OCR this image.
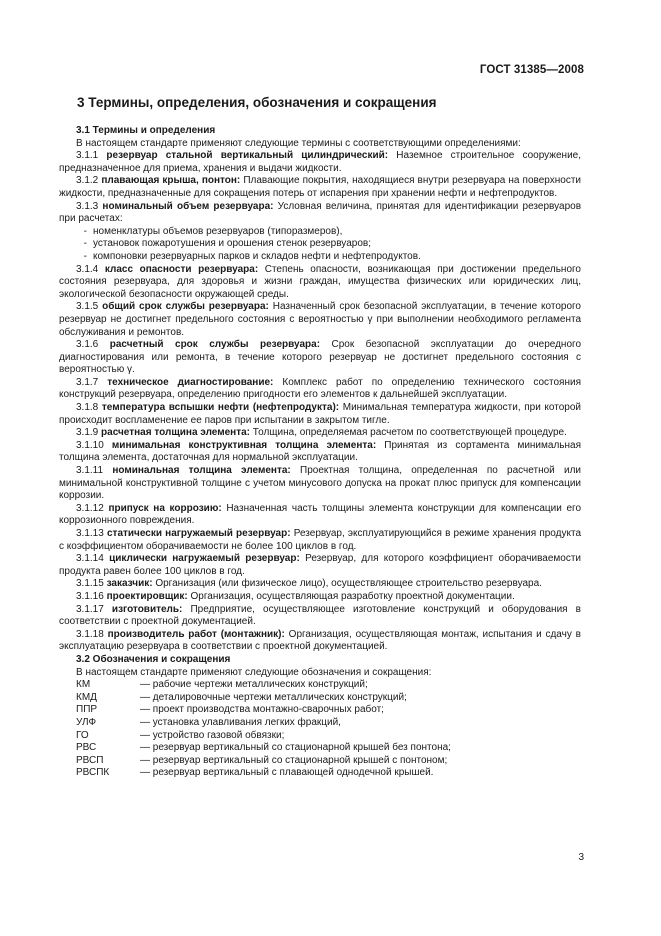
ГОСТ 31385—2008
3 Термины, определения, обозначения и сокращения

3.1 Термины и определения

В настоящем стандарте применяют следующие термины с соответствующими определениями:

3.1.1 резервуар стальной вертикальный цилиндрический: Наземное строительное сооружение, предназначенное для приема, хранения и выдачи жидкости.

3.1.2 плавающая крыша, понтон: Плавающие покрытия, находящиеся внутри резервуара на поверхности жидкости, предназначенные для сокращения потерь от испарения при хранении нефти и нефтепродуктов.

3.1.3 номинальный объем резервуара: Условная величина, принятая для идентификации резервуаров при расчетах:

- номенклатуры объемов резервуаров (типоразмеров),

- установок пожаротушения и орошения стенок резервуаров;

- компоновки резервуарных парков и складов нефти и нефтепродуктов.

3.1.4 класс опасности резервуара: Степень опасности, возникающая при достижении предельного состояния резервуара, для здоровья и жизни граждан, имущества физических или юридических лиц, экологической безопасности окружающей среды.

3.1.5 общий срок службы резервуара: Назначенный срок безопасной эксплуатации, в течение которого резервуар не достигнет предельного состояния с вероятностью γ при выполнении необходимого регламента обслуживания и ремонтов.

3.1.6 расчетный срок службы резервуара: Срок безопасной эксплуатации до очередного диагностирования или ремонта, в течение которого резервуар не достигнет предельного состояния с вероятностью γ.

3.1.7 техническое диагностирование: Комплекс работ по определению технического состояния конструкций резервуара, определению пригодности его элементов к дальнейшей эксплуатации.

3.1.8 температура вспышки нефти (нефтепродукта): Минимальная температура жидкости, при которой происходит воспламенение ее паров при испытании в закрытом тигле.

3.1.9 расчетная толщина элемента: Толщина, определяемая расчетом по соответствующей процедуре.

3.1.10 минимальная конструктивная толщина элемента: Принятая из сортамента минимальная толщина элемента, достаточная для нормальной эксплуатации.

3.1.11 номинальная толщина элемента: Проектная толщина, определенная по расчетной или минимальной конструктивной толщине с учетом минусового допуска на прокат плюс припуск для компенсации коррозии.

3.1.12 припуск на коррозию: Назначенная часть толщины элемента конструкции для компенсации его коррозионного повреждения.

3.1.13 статически нагружаемый резервуар: Резервуар, эксплуатирующийся в режиме хранения продукта с коэффициентом оборачиваемости не более 100 циклов в год.

3.1.14 циклически нагружаемый резервуар: Резервуар, для которого коэффициент оборачиваемости продукта равен более 100 циклов в год.

3.1.15 заказчик: Организация (или физическое лицо), осуществляющее строительство резервуара.

3.1.16 проектировщик: Организация, осуществляющая разработку проектной документации.

3.1.17 изготовитель: Предприятие, осуществляющее изготовление конструкций и оборудования в соответствии с проектной документацией.

3.1.18 производитель работ (монтажник): Организация, осуществляющая монтаж, испытания и сдачу в эксплуатацию резервуара в соответствии с проектной документацией.

3.2 Обозначения и сокращения

В настоящем стандарте применяют следующие обозначения и сокращения:

КМ	— рабочие чертежи металлических конструкций;
КМД	— деталировочные чертежи металлических конструкций;
ППР	— проект производства монтажно-сварочных работ;
УЛФ	— установка улавливания легких фракций,
ГО	— устройство газовой обвязки;
РВС	— резервуар вертикальный со стационарной крышей без понтона;
РВСП	— резервуар вертикальный со стационарной крышей с понтоном;
РВСПК	— резервуар вертикальный с плавающей однодечной крышей.
3
